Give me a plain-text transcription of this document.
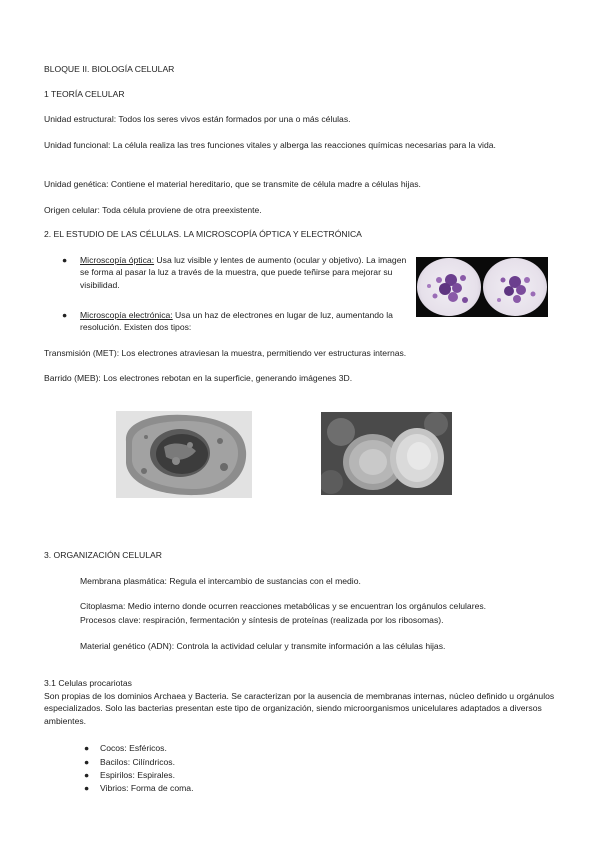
BLOQUE II. BIOLOGÍA CELULAR
1 TEORÍA CELULAR
Unidad estructural: Todos los seres vivos están formados por una o más células.
Unidad funcional: La célula realiza las tres funciones vitales y alberga las reacciones químicas necesarias para la vida.
Unidad genética: Contiene el material hereditario, que se transmite de célula madre a células hijas.
Origen celular: Toda célula proviene de otra preexistente.
2. EL ESTUDIO DE LAS CÉLULAS. LA MICROSCOPÍA ÓPTICA Y ELECTRÓNICA
● Microscopía óptica: Usa luz visible y lentes de aumento (ocular y objetivo). La imagen se forma al pasar la luz a través de la muestra, que puede teñirse para mejorar su visibilidad.
● Microscopía electrónica: Usa un haz de electrones en lugar de luz, aumentando la resolución. Existen dos tipos:
Transmisión (MET): Los electrones atraviesan la muestra, permitiendo ver estructuras internas.
Barrido (MEB): Los electrones rebotan en la superficie, generando imágenes 3D.
3. ORGANIZACIÓN CELULAR
Membrana plasmática: Regula el intercambio de sustancias con el medio.
Citoplasma: Medio interno donde ocurren reacciones metabólicas y se encuentran los orgánulos celulares.
Procesos clave: respiración, fermentación y síntesis de proteínas (realizada por los ribosomas).
Material genético (ADN): Controla la actividad celular y transmite información a las células hijas.
3.1 Celulas procariotas
Son propias de los dominios Archaea y Bacteria. Se caracterizan por la ausencia de membranas internas, núcleo definido u orgánulos especializados. Solo las bacterias presentan este tipo de organización, siendo microorganismos unicelulares adaptados a diversos ambientes.
● Cocos: Esféricos.
● Bacilos: Cilíndricos.
● Espirilos: Espirales.
● Vibrios: Forma de coma.
